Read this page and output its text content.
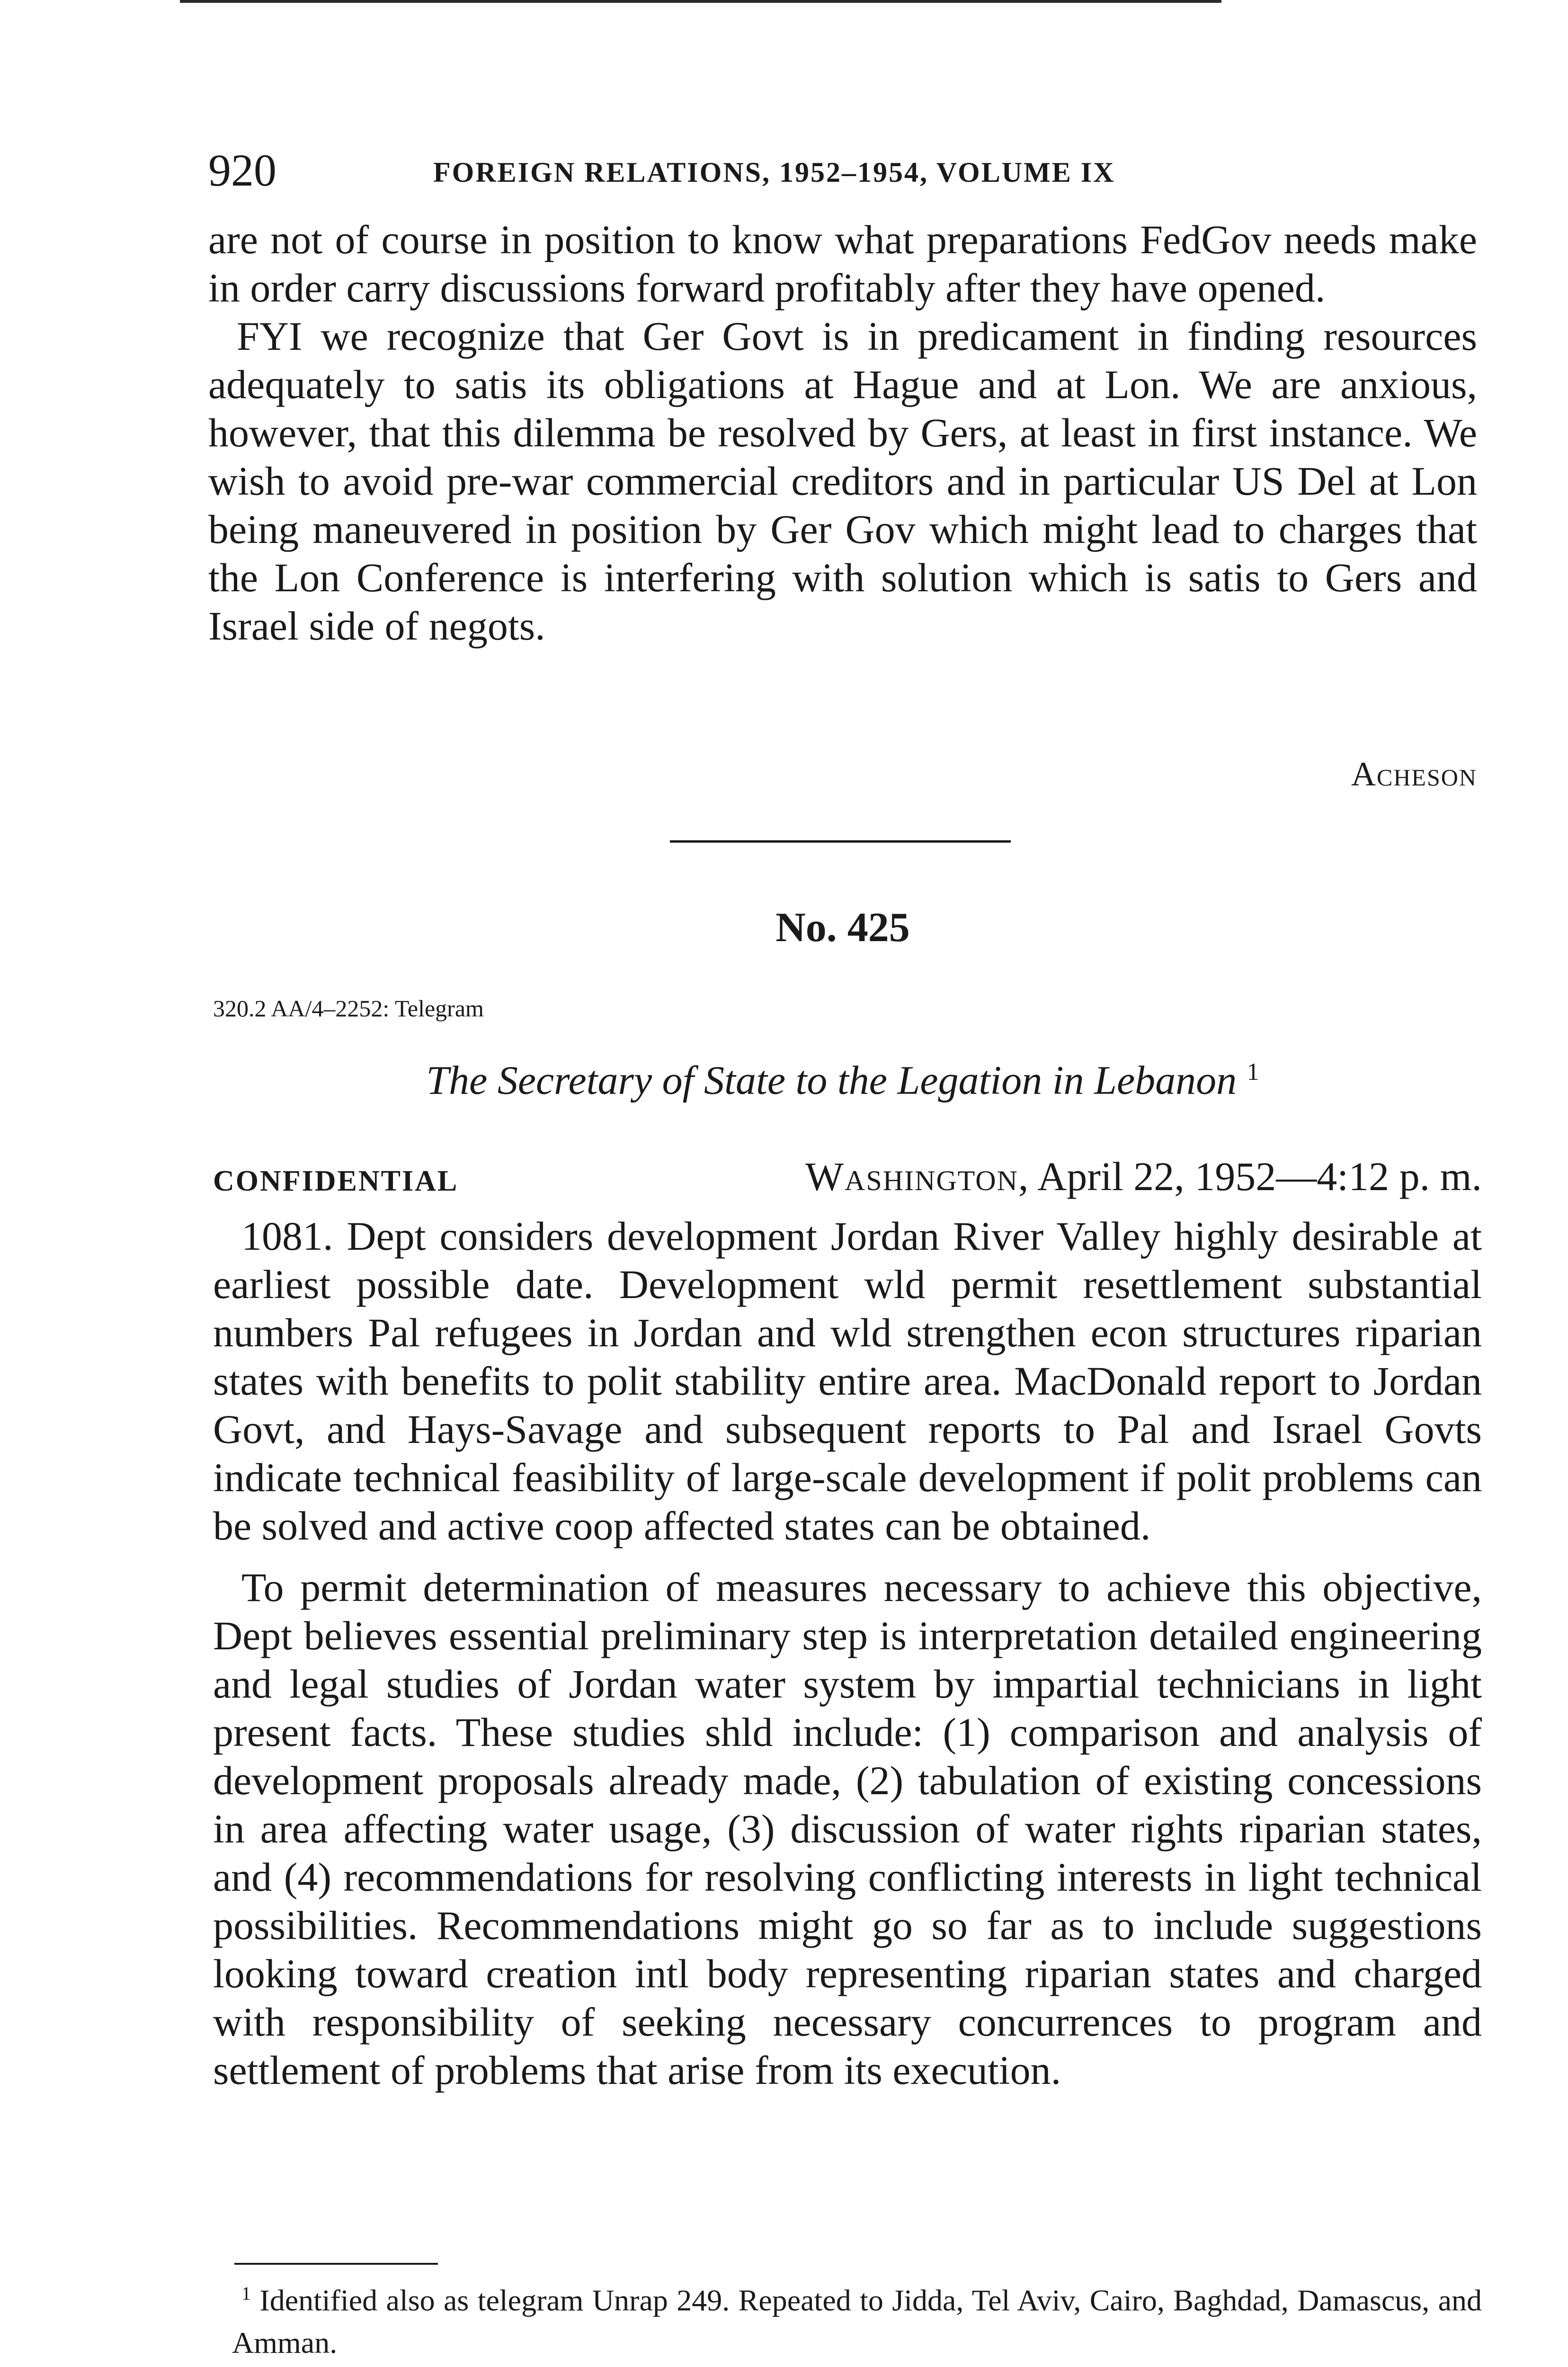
920	FOREIGN RELATIONS, 1952–1954, VOLUME IX

are not of course in position to know what preparations FedGov needs make in order carry discussions forward profitably after they have opened.

FYI we recognize that Ger Govt is in predicament in finding resources adequately to satis its obligations at Hague and at Lon. We are anxious, however, that this dilemma be resolved by Gers, at least in first instance. We wish to avoid pre-war commercial creditors and in particular US Del at Lon being maneuvered in position by Ger Gov which might lead to charges that the Lon Conference is interfering with solution which is satis to Gers and Israel side of negots.

Acheson
No. 425
320.2 AA/4–2252: Telegram
The Secretary of State to the Legation in Lebanon $^1$
CONFIDENTIAL	Washington, April 22, 1952—4:12 p. m.

1081. Dept considers development Jordan River Valley highly desirable at earliest possible date. Development wld permit resettlement substantial numbers Pal refugees in Jordan and wld strengthen econ structures riparian states with benefits to polit stability entire area. MacDonald report to Jordan Govt, and Hays-Savage and subsequent reports to Pal and Israel Govts indicate technical feasibility of large-scale development if polit problems can be solved and active coop affected states can be obtained.

To permit determination of measures necessary to achieve this objective, Dept believes essential preliminary step is interpretation detailed engineering and legal studies of Jordan water system by impartial technicians in light present facts. These studies shld include: (1) comparison and analysis of development proposals already made, (2) tabulation of existing concessions in area affecting water usage, (3) discussion of water rights riparian states, and (4) recommendations for resolving conflicting interests in light technical possibilities. Recommendations might go so far as to include suggestions looking toward creation intl body representing riparian states and charged with responsibility of seeking necessary concurrences to program and settlement of problems that arise from its execution.

$^1$ Identified also as telegram Unrap 249. Repeated to Jidda, Tel Aviv, Cairo, Baghdad, Damascus, and Amman.
